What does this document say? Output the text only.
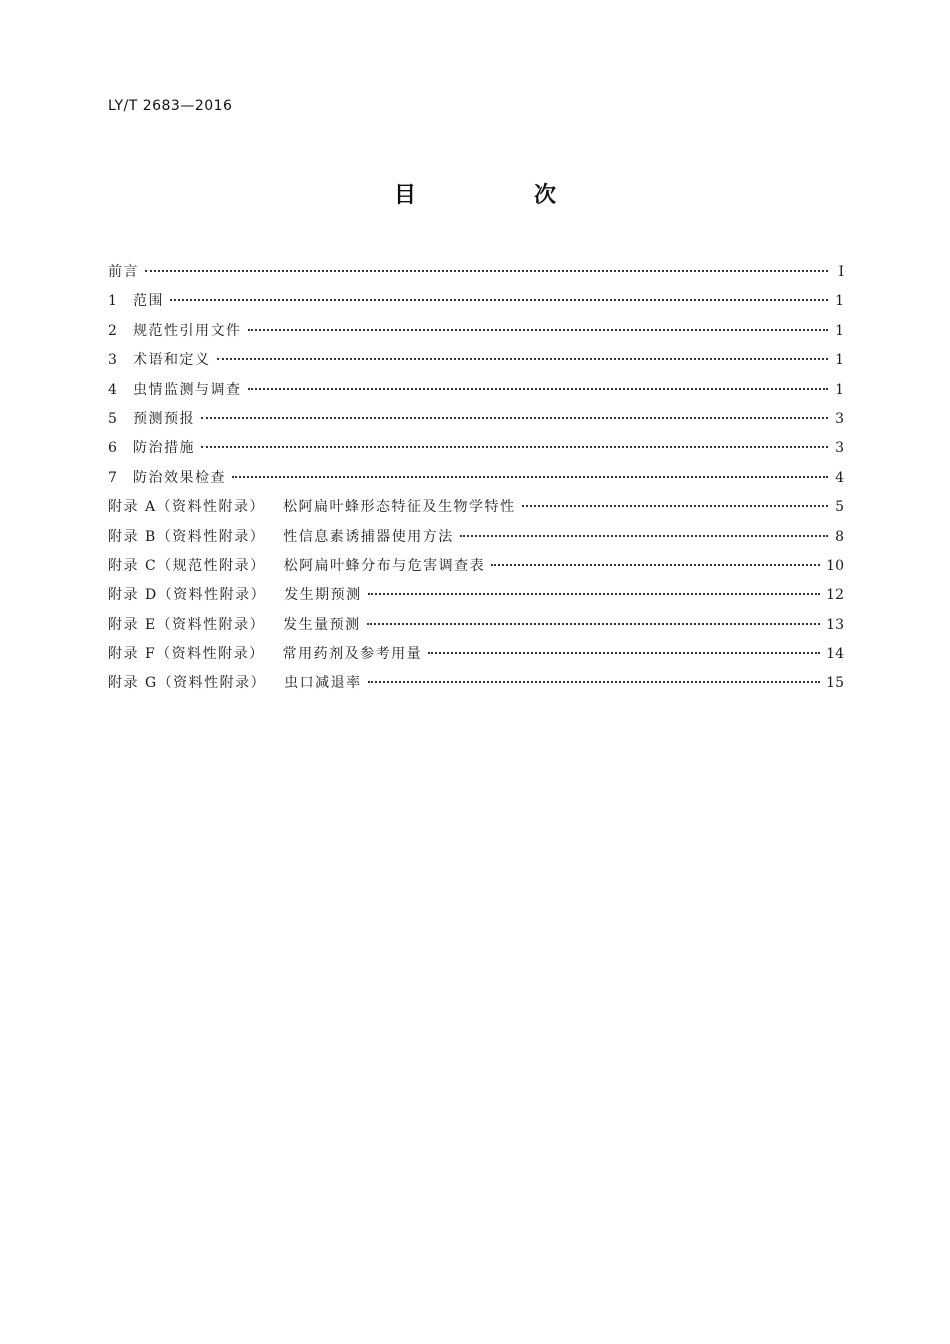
LY/T 2683—2016
目　次
前言	Ⅰ
1	范围	1
2	规范性引用文件	1
3	术语和定义	1
4	虫情监测与调查	1
5	预测预报	3
6	防治措施	3
7	防治效果检查	4
附录 A（资料性附录） 松阿扁叶蜂形态特征及生物学特性	5
附录 B（资料性附录） 性信息素诱捕器使用方法	8
附录 C（规范性附录） 松阿扁叶蜂分布与危害调查表	10
附录 D（资料性附录） 发生期预测	12
附录 E（资料性附录） 发生量预测	13
附录 F（资料性附录） 常用药剂及参考用量	14
附录 G（资料性附录） 虫口减退率	15
